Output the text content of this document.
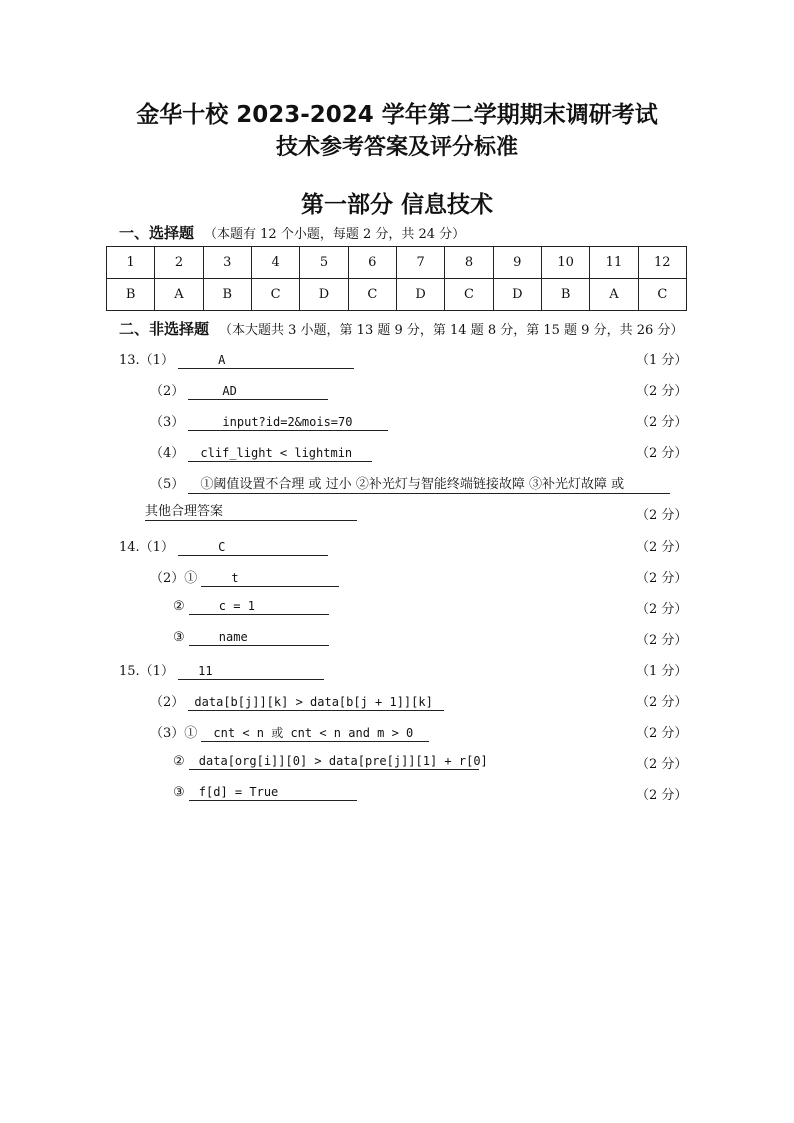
金华十校 2023-2024 学年第二学期期末调研考试
技术参考答案及评分标准
第一部分 信息技术
一、选择题 （本题有 12 个小题，每题 2 分，共 24 分）
1	2	3	4	5	6	7	8	9	10	11	12
B	A	B	C	D	C	D	C	D	B	A	C
二、非选择题 （本大题共 3 小题，第 13 题 9 分，第 14 题 8 分，第 15 题 9 分，共 26 分）
13.（1）	A	（1 分）
（2）	AD	（2 分）
（3）	input?id=2&mois=70	（2 分）
（4） clif_light < lightmin	（2 分）
（5） ①阈值设置不合理 或 过小 ②补光灯与智能终端链接故障 ③补光灯故障 或
其他合理答案	（2 分）
14.（1）	C	（2 分）
（2）①	t	（2 分）
②	c = 1	（2 分）
③	name	（2 分）
15.（1） 11	（1 分）
（2） data[b[j]][k] > data[b[j + 1]][k]	（2 分）
（3）① cnt < n 或 cnt < n and m > 0	（2 分）
② data[org[i]][0] > data[pre[j]][1] + r[0]	（2 分）
③ f[d] = True	（2 分）
